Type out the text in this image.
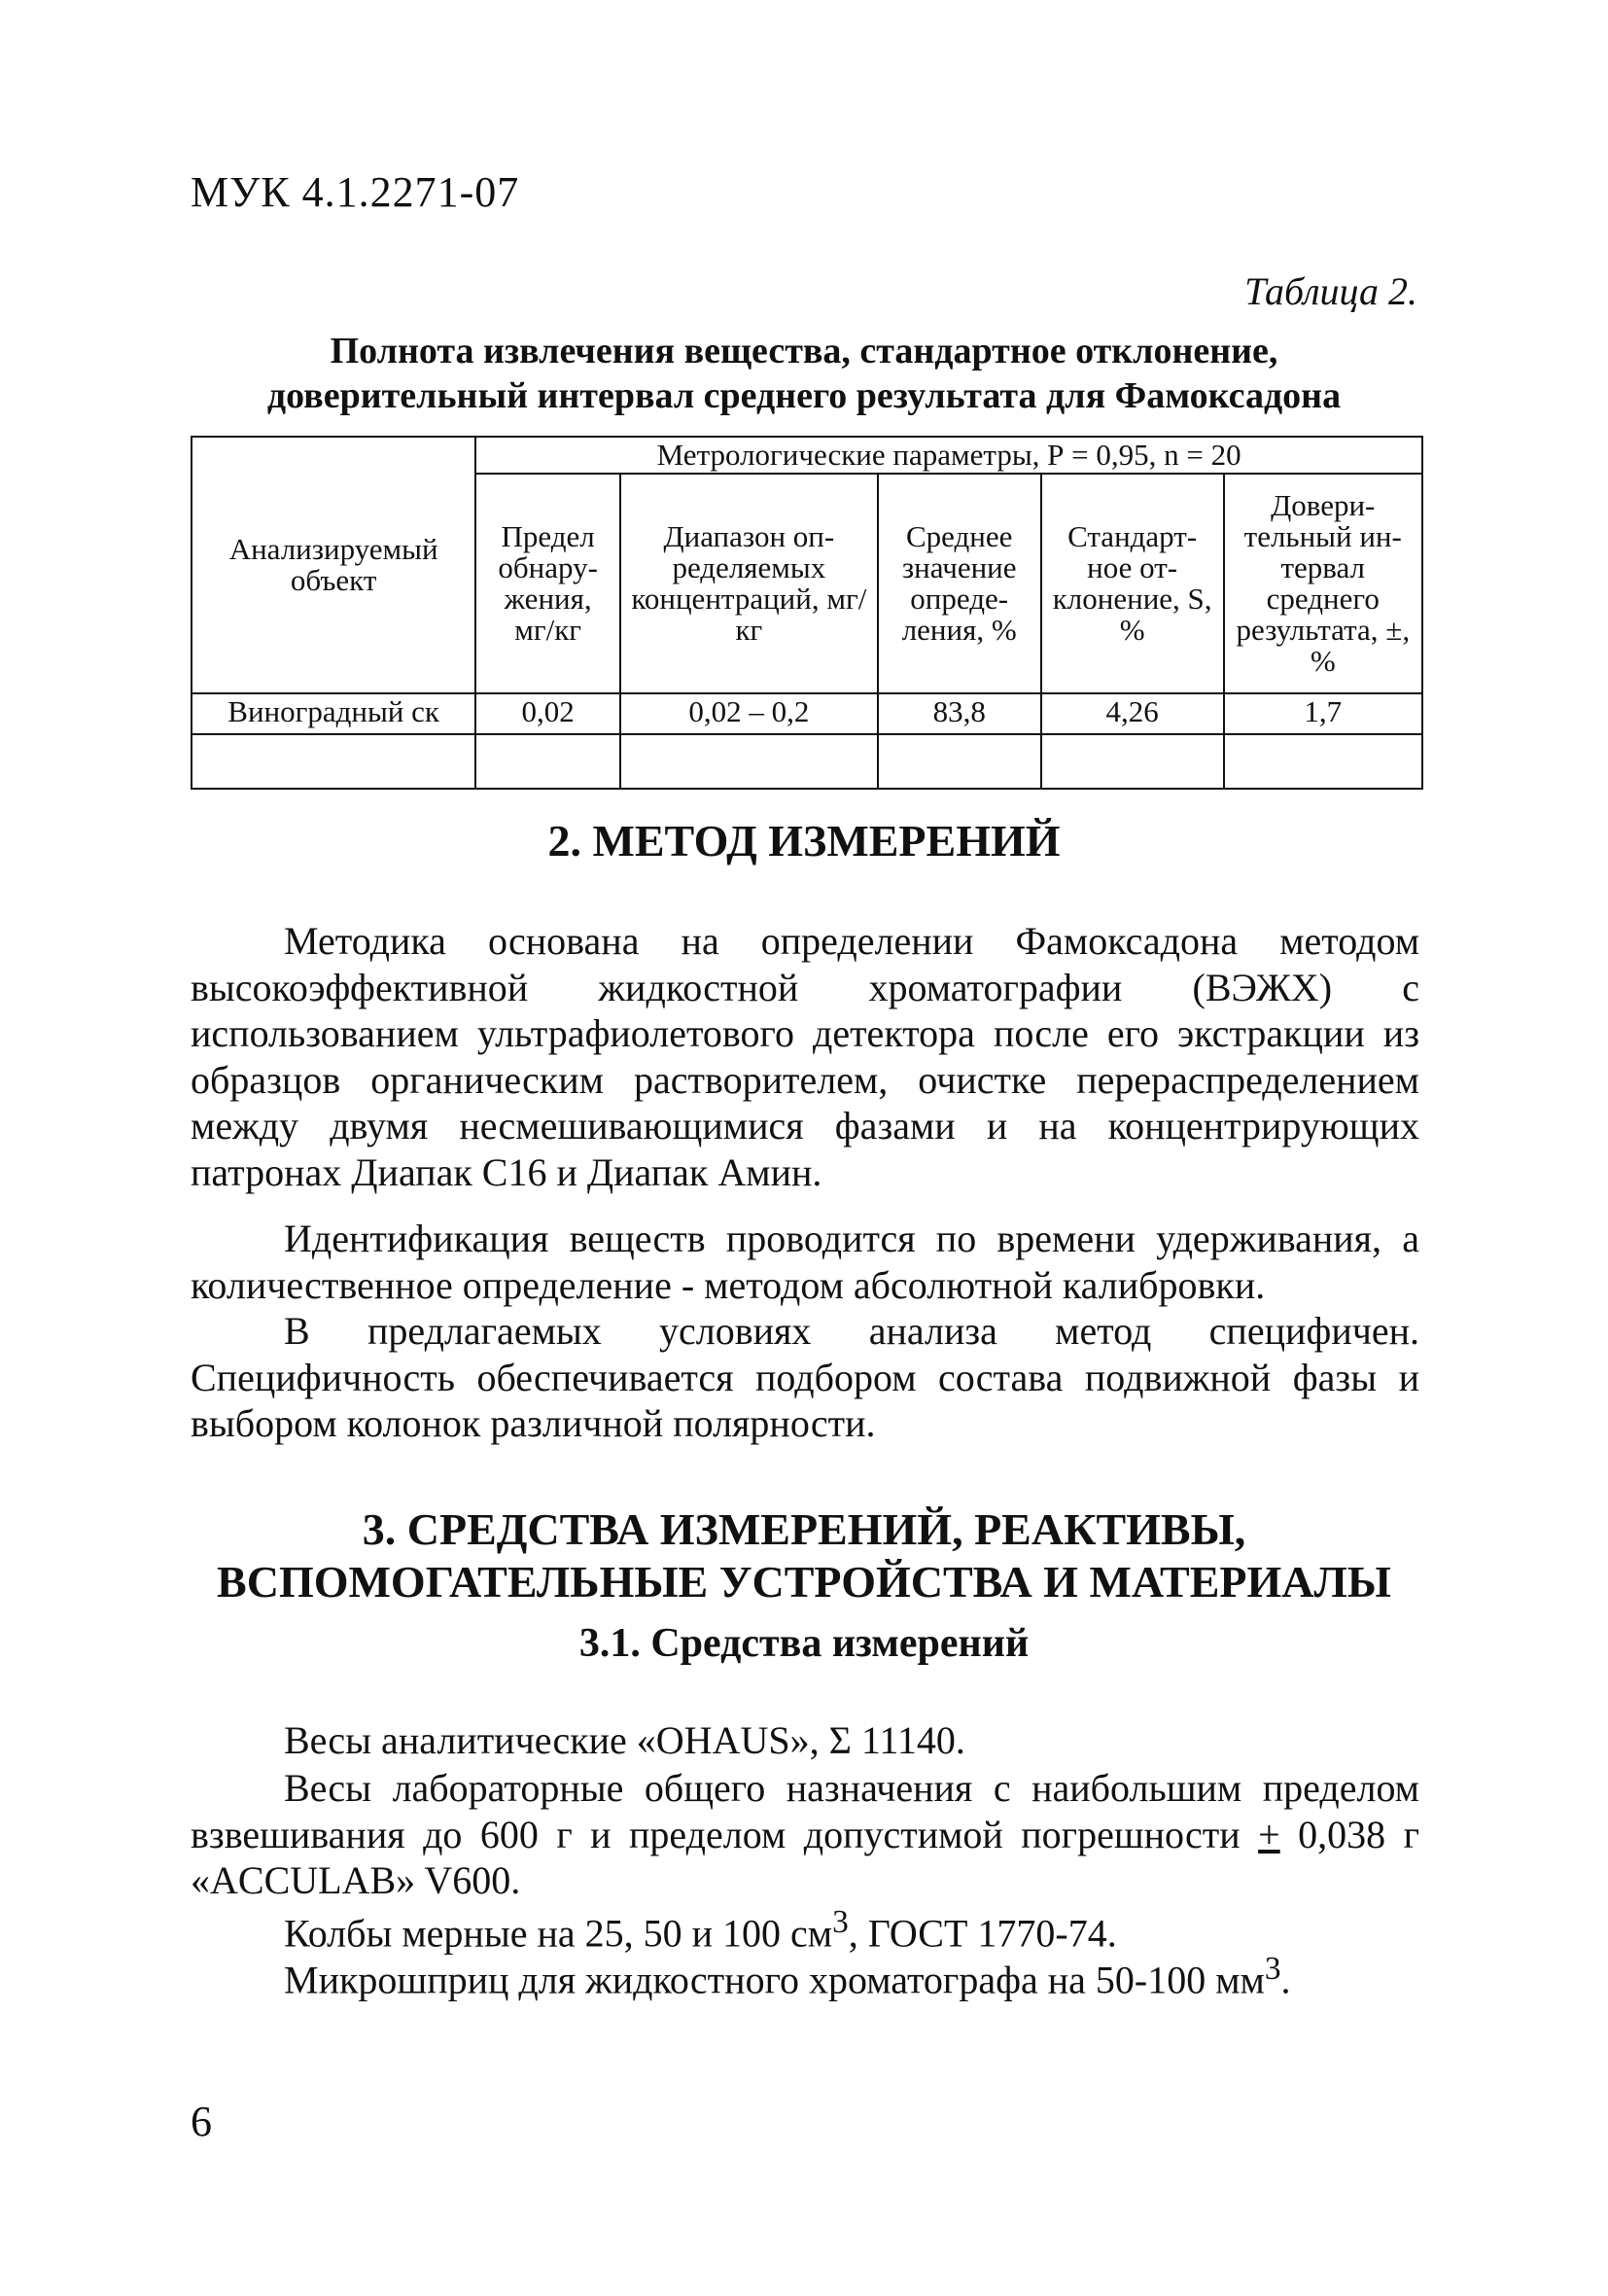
МУК 4.1.2271-07
Таблица 2.
Полнота извлечения вещества, стандартное отклонение,
доверительный интервал среднего результата для Фамоксадона
Анализируемый объект	Метрологические параметры, Р = 0,95, n = 20				
	Предел обнару-жения, мг/кг	Диапазон оп-ределяемых концентраций, мг/кг	Среднее значение опреде-ления, %	Стандарт-ное от-клонение, S, %	Довери-тельный ин-тервал среднего результата, ±, %
Виноградный ск	0,02	0,02 – 0,2	83,8	4,26	1,7

2. МЕТОД ИЗМЕРЕНИЙ

Методика основана на определении Фамоксадона методом высокоэффективной жидкостной хроматографии (ВЭЖХ) с использованием ультрафиолетового детектора после его экстракции из образцов органическим растворителем, очистке перераспределением между двумя несмешивающимися фазами и на концентрирующих патронах Диапак С16 и Диапак Амин.

Идентификация веществ проводится по времени удерживания, а количественное определение - методом абсолютной калибровки.

В предлагаемых условиях анализа метод специфичен. Специфичность обеспечивается подбором состава подвижной фазы и выбором колонок различной полярности.

3. СРЕДСТВА ИЗМЕРЕНИЙ, РЕАКТИВЫ,
ВСПОМОГАТЕЛЬНЫЕ УСТРОЙСТВА И МАТЕРИАЛЫ
3.1. Средства измерений
Весы аналитические «OHAUS», Σ 11140.

Весы лабораторные общего назначения с наибольшим пределом взвешивания до 600 г и пределом допустимой погрешности + 0,038 г «ACCULAB» V600.

Колбы мерные на 25, 50 и 100 $см^3$, ГОСТ 1770-74.
Микрошприц для жидкостного хроматографа на 50-100 $мм^3$.
6
